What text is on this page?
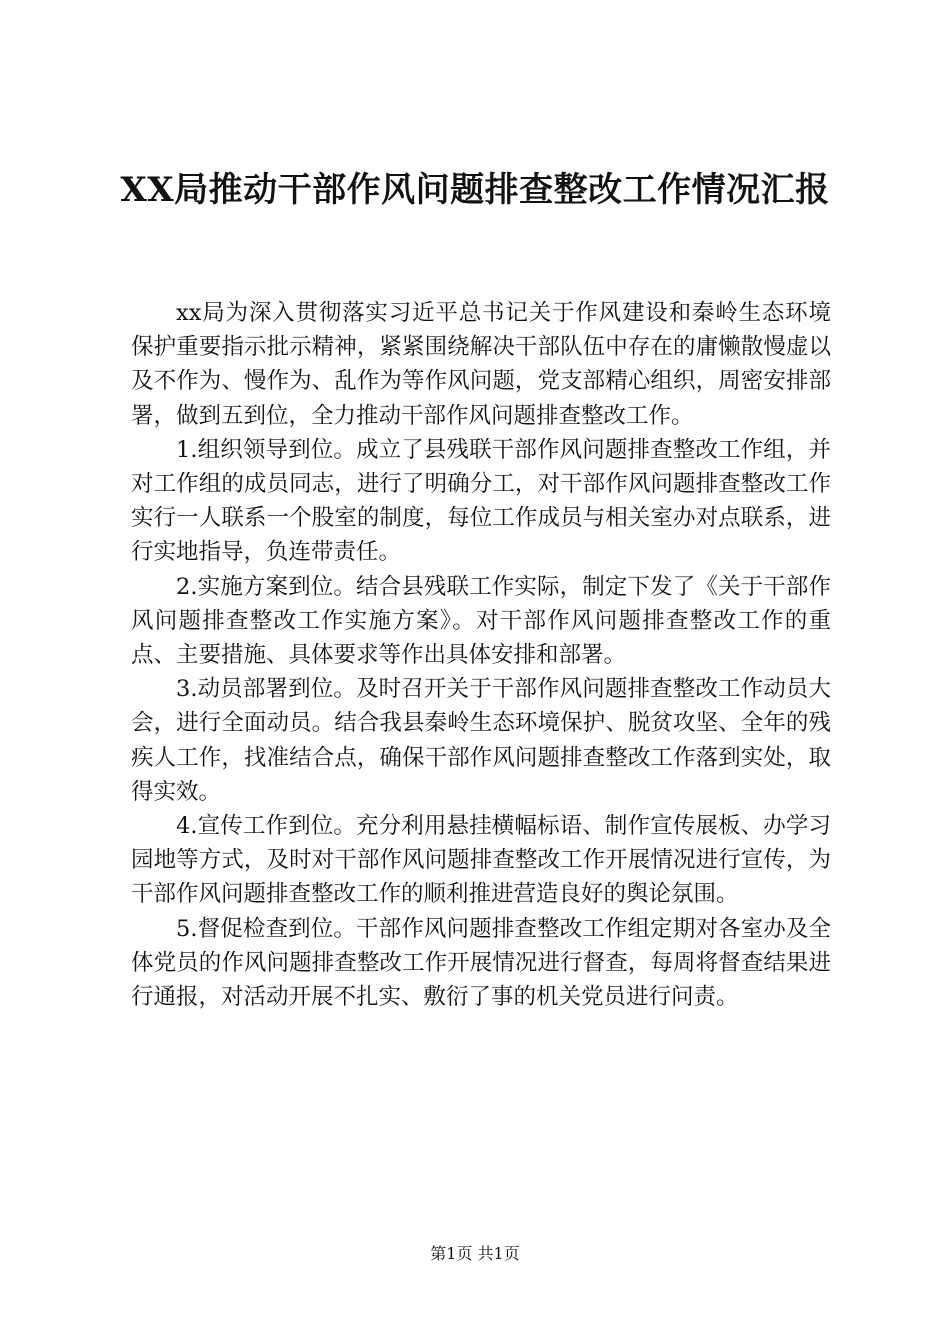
XX局推动干部作风问题排查整改工作情况汇报

xx局为深入贯彻落实习近平总书记关于作风建设和秦岭生态环境保护重要指示批示精神，紧紧围绕解决干部队伍中存在的庸懒散慢虚以及不作为、慢作为、乱作为等作风问题，党支部精心组织，周密安排部署，做到五到位，全力推动干部作风问题排查整改工作。

1.组织领导到位。成立了县残联干部作风问题排查整改工作组，并对工作组的成员同志，进行了明确分工，对干部作风问题排查整改工作实行一人联系一个股室的制度，每位工作成员与相关室办对点联系，进行实地指导，负连带责任。

2.实施方案到位。结合县残联工作实际，制定下发了《关于干部作风问题排查整改工作实施方案》。对干部作风问题排查整改工作的重点、主要措施、具体要求等作出具体安排和部署。

3.动员部署到位。及时召开关于干部作风问题排查整改工作动员大会，进行全面动员。结合我县秦岭生态环境保护、脱贫攻坚、全年的残疾人工作，找准结合点，确保干部作风问题排查整改工作落到实处，取得实效。

4.宣传工作到位。充分利用悬挂横幅标语、制作宣传展板、办学习园地等方式，及时对干部作风问题排查整改工作开展情况进行宣传，为干部作风问题排查整改工作的顺利推进营造良好的舆论氛围。

5.督促检查到位。干部作风问题排查整改工作组定期对各室办及全体党员的作风问题排查整改工作开展情况进行督查，每周将督查结果进行通报，对活动开展不扎实、敷衍了事的机关党员进行问责。

第1页 共1页
